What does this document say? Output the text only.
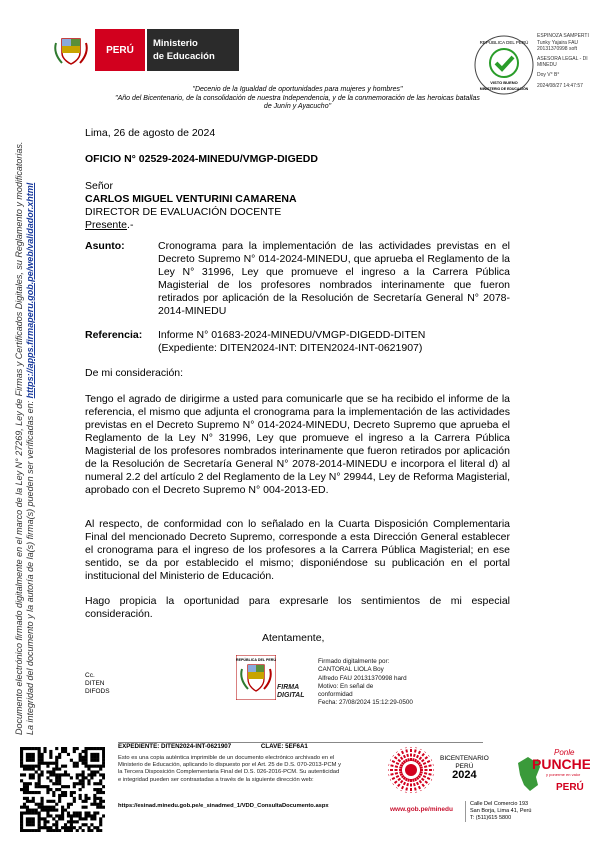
PERÚ
Ministerio
de Educación
REPÚBLICA DEL PERÚ
VISTO BUENO
MINISTERIO DE EDUCACIÓN
ESPINOZA SAMPERTI
Tunky Yajaira FAU
20131370998 soft
ASESORA LEGAL - DI
MINEDU
Doy V° B°
2024/08/27 14:47:57
"Decenio de la Igualdad de oportunidades para mujeres y hombres"
"Año del Bicentenario, de la consolidación de nuestra Independencia, y de la conmemoración de las heroicas batallas
de Junín y Ayacucho"
Documento electrónico firmado digitalmente en el marco de la Ley N° 27269, Ley de Firmas y Certificados Digitales, su Reglamento y modificatorias. La integridad del documento y la autoría de la(s) firma(s) pueden ser verificadas en: https://apps.firmaperu.gob.pe/web/validador.xhtml
Lima, 26 de agosto de 2024
OFICIO N° 02529-2024-MINEDU/VMGP-DIGEDD
Señor
CARLOS MIGUEL VENTURINI CAMARENA
DIRECTOR DE EVALUACIÓN DOCENTE
Presente.-
Asunto:	Cronograma para la implementación de las actividades previstas en el Decreto Supremo N° 014-2024-MINEDU, que aprueba el Reglamento de la Ley N° 31996, Ley que promueve el ingreso a la Carrera Pública Magisterial de los profesores nombrados interinamente que fueron retirados por aplicación de la Resolución de Secretaría General N° 2078-2014-MINEDU
Referencia: Informe N° 01683-2024-MINEDU/VMGP-DIGEDD-DITEN
(Expediente: DITEN2024-INT: DITEN2024-INT-0621907)
De mi consideración:
Tengo el agrado de dirigirme a usted para comunicarle que se ha recibido el informe de la referencia, el mismo que adjunta el cronograma para la implementación de las actividades previstas en el Decreto Supremo N° 014-2024-MINEDU, Decreto Supremo que aprueba el Reglamento de la Ley N° 31996, Ley que promueve el ingreso a la Carrera Pública Magisterial de los profesores nombrados interinamente que fueron retirados por aplicación de la Resolución de Secretaría General N° 2078-2014-MINEDU e incorpora el literal d) al numeral 2.2 del artículo 2 del Reglamento de la Ley N° 29944, Ley de Reforma Magisterial, aprobado con el Decreto Supremo N° 004-2013-ED.
Al respecto, de conformidad con lo señalado en la Cuarta Disposición Complementaria Final del mencionado Decreto Supremo, corresponde a esta Dirección General establecer el cronograma para el ingreso de los profesores a la Carrera Pública Magisterial; en ese sentido, se da por establecido el mismo; disponiéndose su publicación en el portal institucional del Ministerio de Educación.
Hago propicia la oportunidad para expresarle los sentimientos de mi especial consideración.
Atentamente,
Cc.
DITEN
DIFODS
REPÚBLICA DEL PERÚ
FIRMA
DIGITAL
Firmado digitalmente por:
CANTORAL LIOLA Boy
Alfredo FAU 20131370998 hard
Motivo: En señal de
conformidad
Fecha: 27/08/2024 15:12:29-0500
EXPEDIENTE: DITEN2024-INT-0621907	CLAVE: 5EF6A1
Esto es una copia auténtica imprimible de un documento electrónico archivado en el Ministerio de Educación, aplicando lo dispuesto por el Art. 25 de D.S. 070-2013-PCM y la Tercera Disposición Complementaria Final del D.S. 026-2016-PCM. Su autenticidad e integridad pueden ser contrastadas a través de la siguiente dirección web:
https://esinad.minedu.gob.pe/e_sinadmed_1/VDD_ConsultaDocumento.aspx
BICENTENARIO
PERÚ
2024
Ponle
PUNCHE
y ponerme en valor
PERÚ
www.gob.pe/minedu
Calle Del Comercio 193
San Borja, Lima 41, Perú
T: (511)615 5800
